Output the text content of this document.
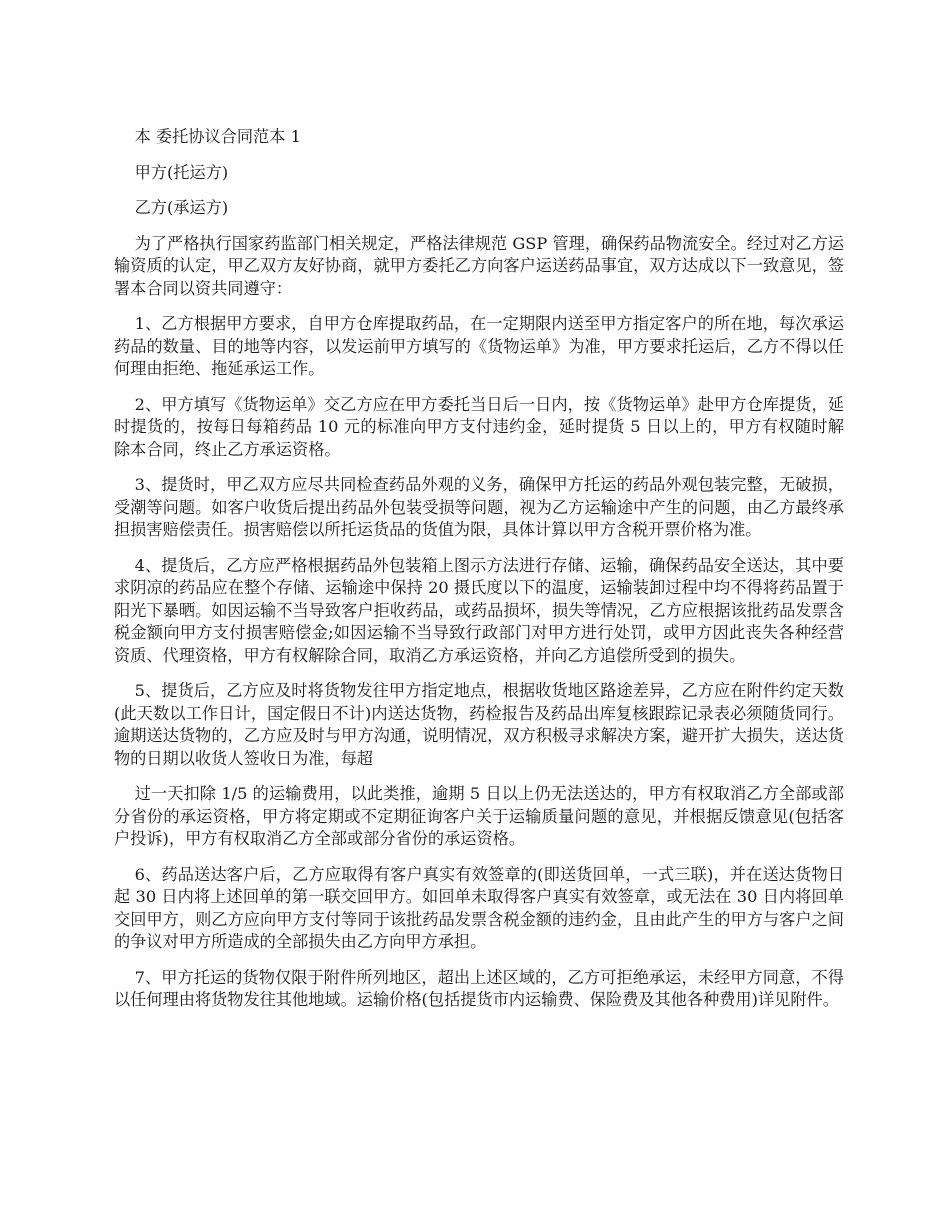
本 委托协议合同范本 1

甲方(托运方)

乙方(承运方)

为了严格执行国家药监部门相关规定，严格法律规范 GSP 管理，确保药品物流安全。经过对乙方运输资质的认定，甲乙双方友好协商，就甲方委托乙方向客户运送药品事宜，双方达成以下一致意见，签署本合同以资共同遵守：

1、乙方根据甲方要求，自甲方仓库提取药品，在一定期限内送至甲方指定客户的所在地，每次承运药品的数量、目的地等内容，以发运前甲方填写的《货物运单》为准，甲方要求托运后，乙方不得以任何理由拒绝、拖延承运工作。

2、甲方填写《货物运单》交乙方应在甲方委托当日后一日内，按《货物运单》赴甲方仓库提货，延时提货的，按每日每箱药品 10 元的标准向甲方支付违约金，延时提货 5 日以上的，甲方有权随时解除本合同，终止乙方承运资格。

3、提货时，甲乙双方应尽共同检查药品外观的义务，确保甲方托运的药品外观包装完整，无破损，受潮等问题。如客户收货后提出药品外包装受损等问题，视为乙方运输途中产生的问题，由乙方最终承担损害赔偿责任。损害赔偿以所托运货品的货值为限，具体计算以甲方含税开票价格为准。

4、提货后，乙方应严格根据药品外包装箱上图示方法进行存储、运输，确保药品安全送达，其中要求阴凉的药品应在整个存储、运输途中保持 20 摄氏度以下的温度，运输装卸过程中均不得将药品置于阳光下暴晒。如因运输不当导致客户拒收药品，或药品损坏，损失等情况，乙方应根据该批药品发票含税金额向甲方支付损害赔偿金;如因运输不当导致行政部门对甲方进行处罚，或甲方因此丧失各种经营资质、代理资格，甲方有权解除合同，取消乙方承运资格，并向乙方追偿所受到的损失。

5、提货后，乙方应及时将货物发往甲方指定地点，根据收货地区路途差异，乙方应在附件约定天数(此天数以工作日计，国定假日不计)内送达货物，药检报告及药品出库复核跟踪记录表必须随货同行。逾期送达货物的，乙方应及时与甲方沟通，说明情况，双方积极寻求解决方案，避开扩大损失，送达货物的日期以收货人签收日为准，每超

过一天扣除 1/5 的运输费用，以此类推，逾期 5 日以上仍无法送达的，甲方有权取消乙方全部或部分省份的承运资格，甲方将定期或不定期征询客户关于运输质量问题的意见，并根据反馈意见(包括客户投诉)，甲方有权取消乙方全部或部分省份的承运资格。

6、药品送达客户后，乙方应取得有客户真实有效签章的(即送货回单，一式三联)，并在送达货物日起 30 日内将上述回单的第一联交回甲方。如回单未取得客户真实有效签章，或无法在 30 日内将回单交回甲方，则乙方应向甲方支付等同于该批药品发票含税金额的违约金，且由此产生的甲方与客户之间的争议对甲方所造成的全部损失由乙方向甲方承担。

7、甲方托运的货物仅限于附件所列地区，超出上述区域的，乙方可拒绝承运，未经甲方同意，不得以任何理由将货物发往其他地域。运输价格(包括提货市内运输费、保险费及其他各种费用)详见附件。
